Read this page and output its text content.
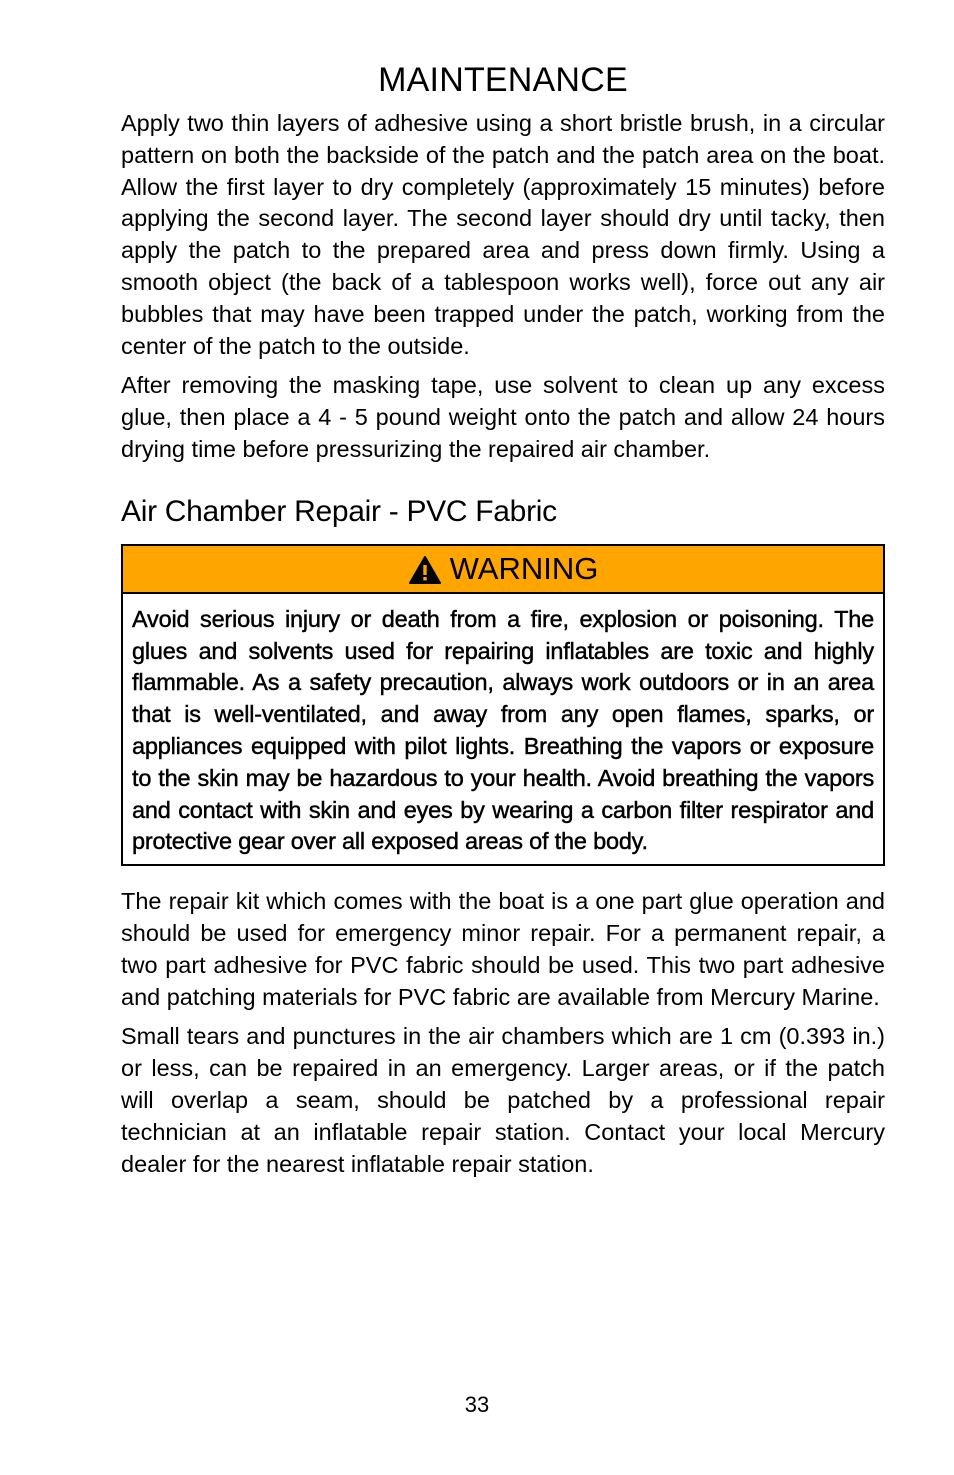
MAINTENANCE

Apply two thin layers of adhesive using a short bristle brush, in a circular pattern on both the backside of the patch and the patch area on the boat. Allow the first layer to dry completely (approximately 15 minutes) before applying the second layer. The second layer should dry until tacky, then apply the patch to the prepared area and press down firmly. Using a smooth object (the back of a tablespoon works well), force out any air bubbles that may have been trapped under the patch, working from the center of the patch to the outside.

After removing the masking tape, use solvent to clean up any excess glue, then place a 4 - 5 pound weight onto the patch and allow 24 hours drying time before pressurizing the repaired air chamber.

Air Chamber Repair - PVC Fabric
WARNING
Avoid serious injury or death from a fire, explosion or poisoning. The glues and solvents used for repairing inflatables are toxic and highly flammable. As a safety precaution, always work outdoors or in an area that is well-ventilated, and away from any open flames, sparks, or appliances equipped with pilot lights. Breathing the vapors or exposure to the skin may be hazardous to your health. Avoid breathing the vapors and contact with skin and eyes by wearing a carbon filter respirator and protective gear over all exposed areas of the body.

The repair kit which comes with the boat is a one part glue operation and should be used for emergency minor repair. For a permanent repair, a two part adhesive for PVC fabric should be used. This two part adhesive and patching materials for PVC fabric are available from Mercury Marine.

Small tears and punctures in the air chambers which are 1 cm (0.393 in.) or less, can be repaired in an emergency. Larger areas, or if the patch will overlap a seam, should be patched by a professional repair technician at an inflatable repair station. Contact your local Mercury dealer for the nearest inflatable repair station.

33
